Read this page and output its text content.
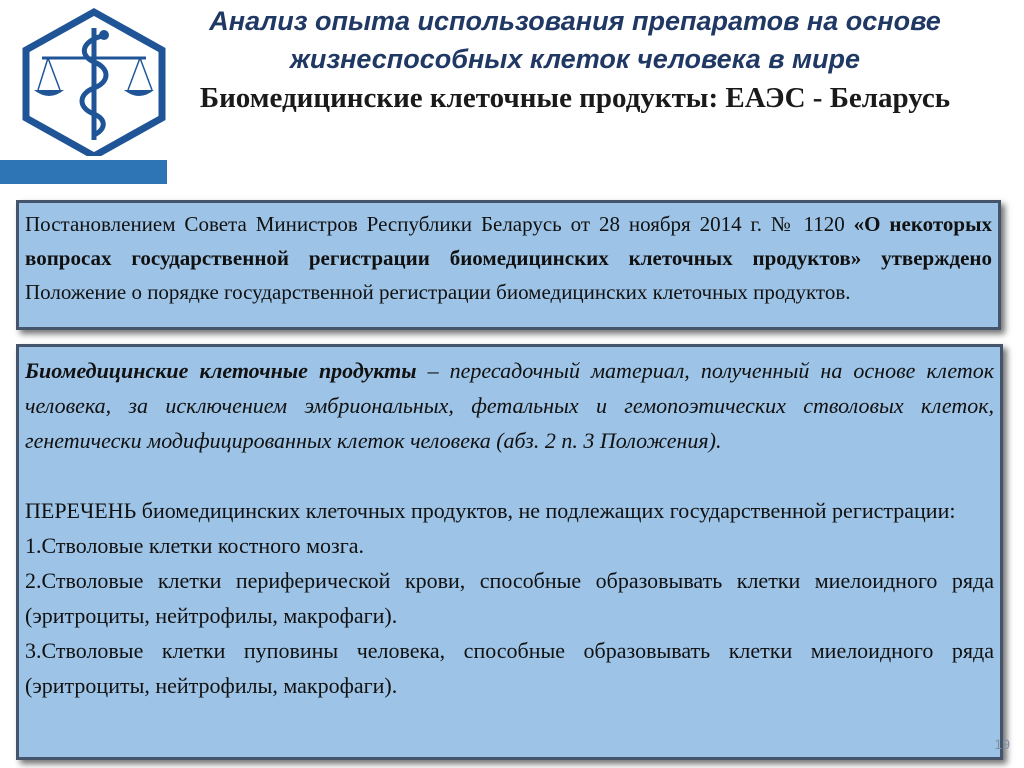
Анализ опыта использования препаратов на основе жизнеспособных клеток человека в мире
Биомедицинские клеточные продукты: ЕАЭС - Беларусь

Постановлением Совета Министров Республики Беларусь от 28 ноября 2014 г. № 1120 «О некоторых вопросах государственной регистрации биомедицинских клеточных продуктов» утверждено Положение о порядке государственной регистрации биомедицинских клеточных продуктов.

Биомедицинские клеточные продукты – пересадочный материал, полученный на основе клеток человека, за исключением эмбриональных, фетальных и гемопоэтических стволовых клеток, генетически модифицированных клеток человека (абз. 2 п. 3 Положения).

ПЕРЕЧЕНЬ биомедицинских клеточных продуктов, не подлежащих государственной регистрации:

1.Стволовые клетки костного мозга.

2.Стволовые клетки периферической крови, способные образовывать клетки миелоидного ряда (эритроциты, нейтрофилы, макрофаги).

3.Стволовые клетки пуповины человека, способные образовывать клетки миелоидного ряда (эритроциты, нейтрофилы, макрофаги).

19
